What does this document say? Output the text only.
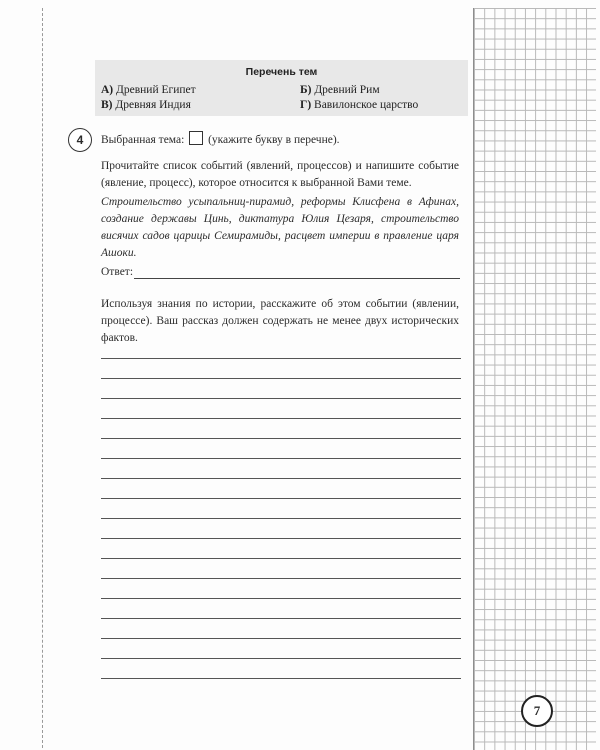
Перечень тем
А) Древний Египет	Б) Древний Рим
В) Древняя Индия	Г) Вавилонское царство
4	Выбранная тема: (укажите букву в перечне).
Прочитайте список событий (явлений, процессов) и напишите событие (явление, процесс), которое относится к выбранной Вами теме.
Строительство усыпальниц-пирамид, реформы Клисфена в Афинах, создание державы Цинь, диктатура Юлия Цезаря, строительство висячих садов царицы Семирамиды, расцвет империи в правление царя Ашоки.
Ответ:
Используя знания по истории, расскажите об этом событии (явлении, процессе). Ваш рассказ должен содержать не менее двух исторических фактов.
7
